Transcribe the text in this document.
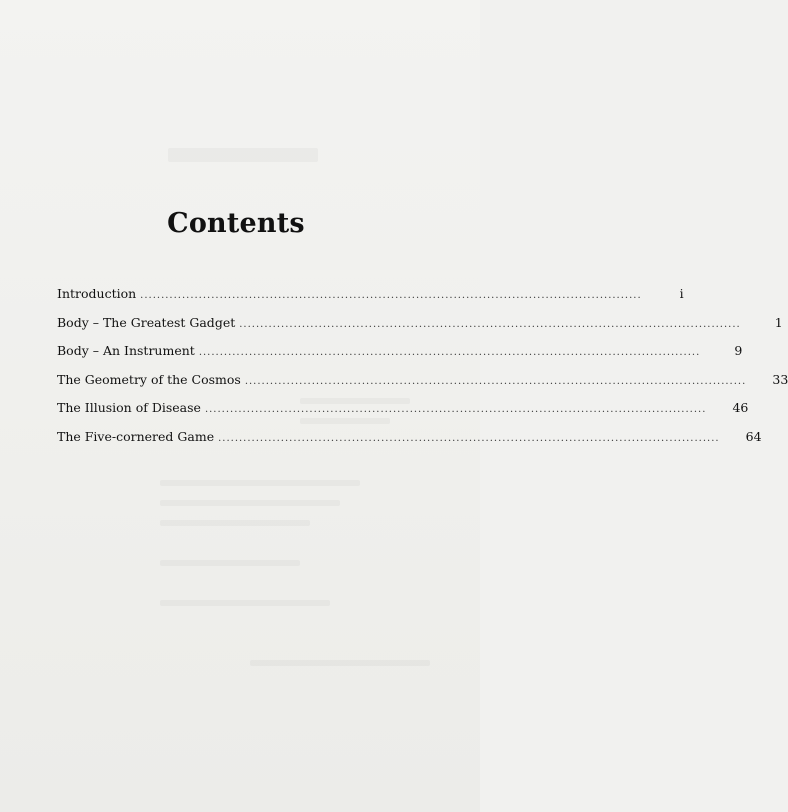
Contents
Introduction ........................................................................................................................	i
Body – The Greatest Gadget ........................................................................................................................	1
Body – An Instrument ........................................................................................................................	9
The Geometry of the Cosmos ........................................................................................................................	33
The Illusion of Disease ........................................................................................................................	46
The Five-cornered Game ........................................................................................................................	64
